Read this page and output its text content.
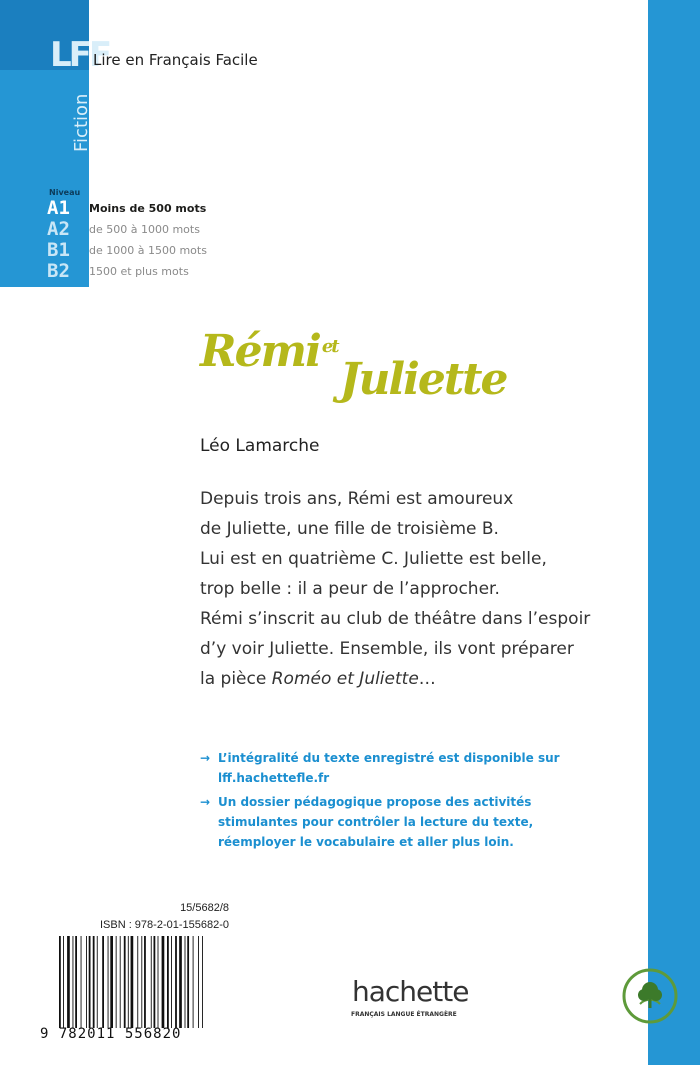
LFF
Lire en Français Facile
Fiction
Niveau
A1	Moins de 500 mots
A2	de 500 à 1000 mots
B1	de 1000 à 1500 mots
B2	1500 et plus mots
Rémi $^{et}$Juliette
Léo Lamarche
Depuis trois ans, Rémi est amoureux
de Juliette, une fille de troisième B.
Lui est en quatrième C. Juliette est belle,
trop belle : il a peur de l’approcher.
Rémi s’inscrit au club de théâtre dans l’espoir
d’y voir Juliette. Ensemble, ils vont préparer
la pièce Roméo et Juliette…
→ L’intégralité du texte enregistré est disponible sur lff.hachettefle.fr
→ Un dossier pédagogique propose des activités stimulantes pour contrôler la lecture du texte, réemployer le vocabulaire et aller plus loin.
15/5682/8
ISBN : 978-2-01-155682-0
9 782011 556820
hachette
FRANÇAIS LANGUE ÉTRANGÈRE
